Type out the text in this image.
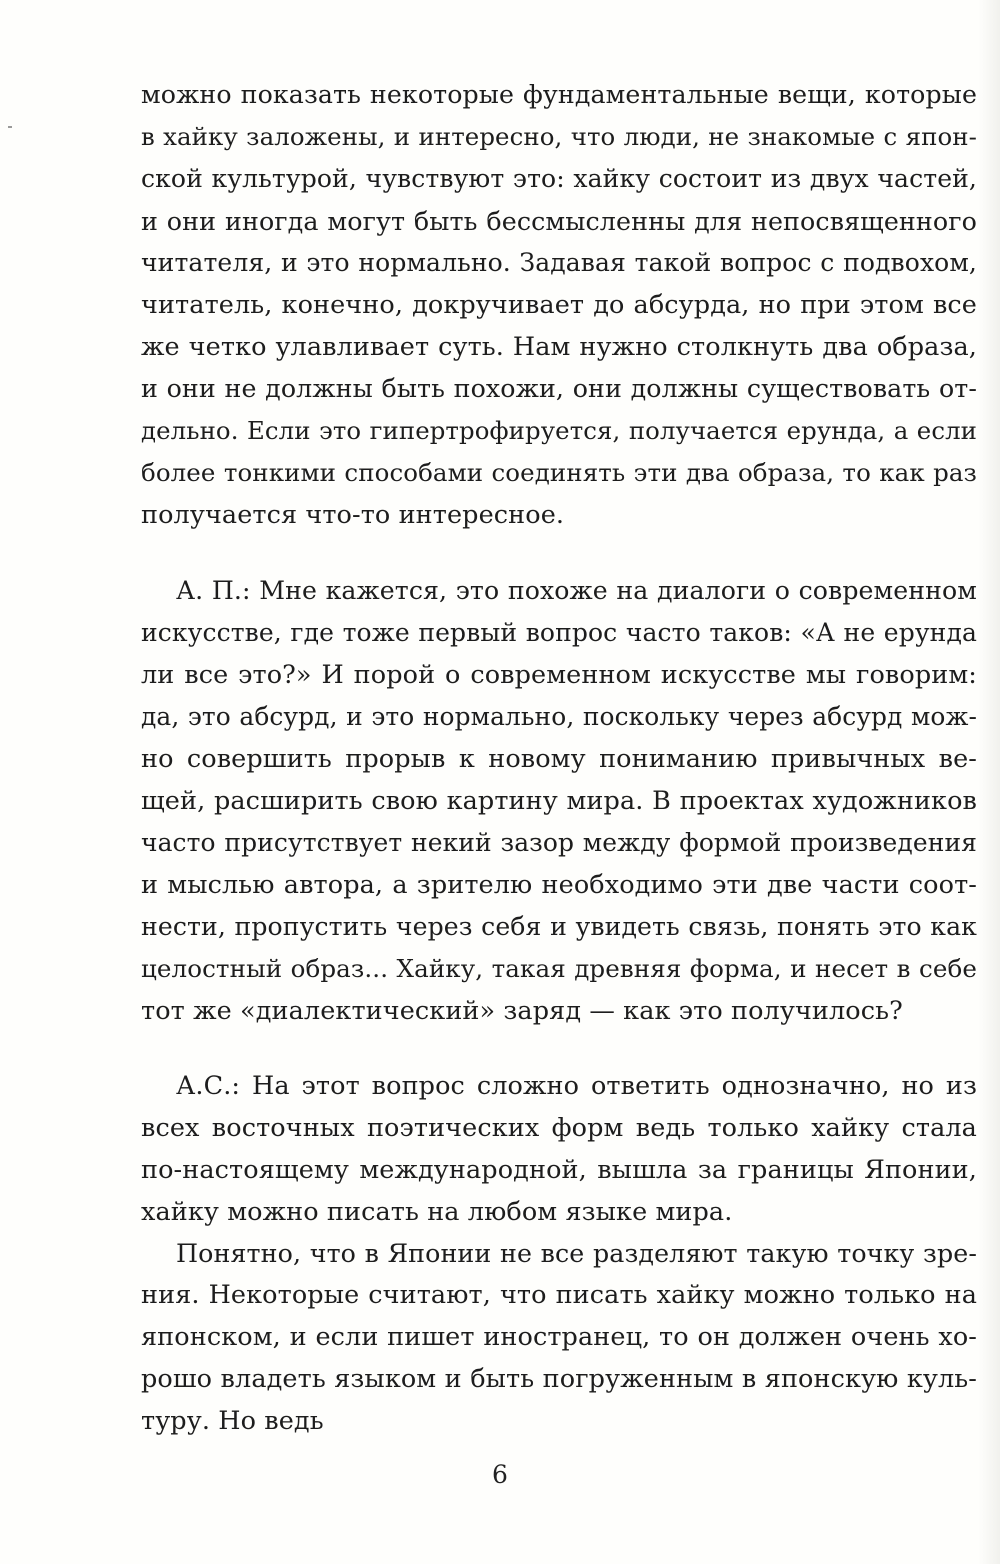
можно показать некоторые фундаментальные вещи, которые
в хайку заложены, и интересно, что люди, не знакомые с япон-
ской культурой, чувствуют это: хайку состоит из двух частей,
и они иногда могут быть бессмысленны для непосвященного
читателя, и это нормально. Задавая такой вопрос с подвохом,
читатель, конечно, докручивает до абсурда, но при этом все
же четко улавливает суть. Нам нужно столкнуть два образа,
и они не должны быть похожи, они должны существовать от-
дельно. Если это гипертрофируется, получается ерунда, а если
более тонкими способами соединять эти два образа, то как раз
получается что-то интересное.
А. П.: Мне кажется, это похоже на диалоги о современном
искусстве, где тоже первый вопрос часто таков: «А не ерунда
ли все это?» И порой о современном искусстве мы говорим:
да, это абсурд, и это нормально, поскольку через абсурд мож-
но совершить прорыв к новому пониманию привычных ве-
щей, расширить свою картину мира. В проектах художников
часто присутствует некий зазор между формой произведения
и мыслью автора, а зрителю необходимо эти две части соот-
нести, пропустить через себя и увидеть связь, понять это как
целостный образ... Хайку, такая древняя форма, и несет в себе
тот же «диалектический» заряд — как это получилось?
А.С.: На этот вопрос сложно ответить однозначно, но из
всех восточных поэтических форм ведь только хайку стала
по-настоящему международной, вышла за границы Японии,
хайку можно писать на любом языке мира.
Понятно, что в Японии не все разделяют такую точку зре-
ния. Некоторые считают, что писать хайку можно только на
японском, и если пишет иностранец, то он должен очень хо-
рошо владеть языком и быть погруженным в японскую куль-
туру. Но ведь
6
